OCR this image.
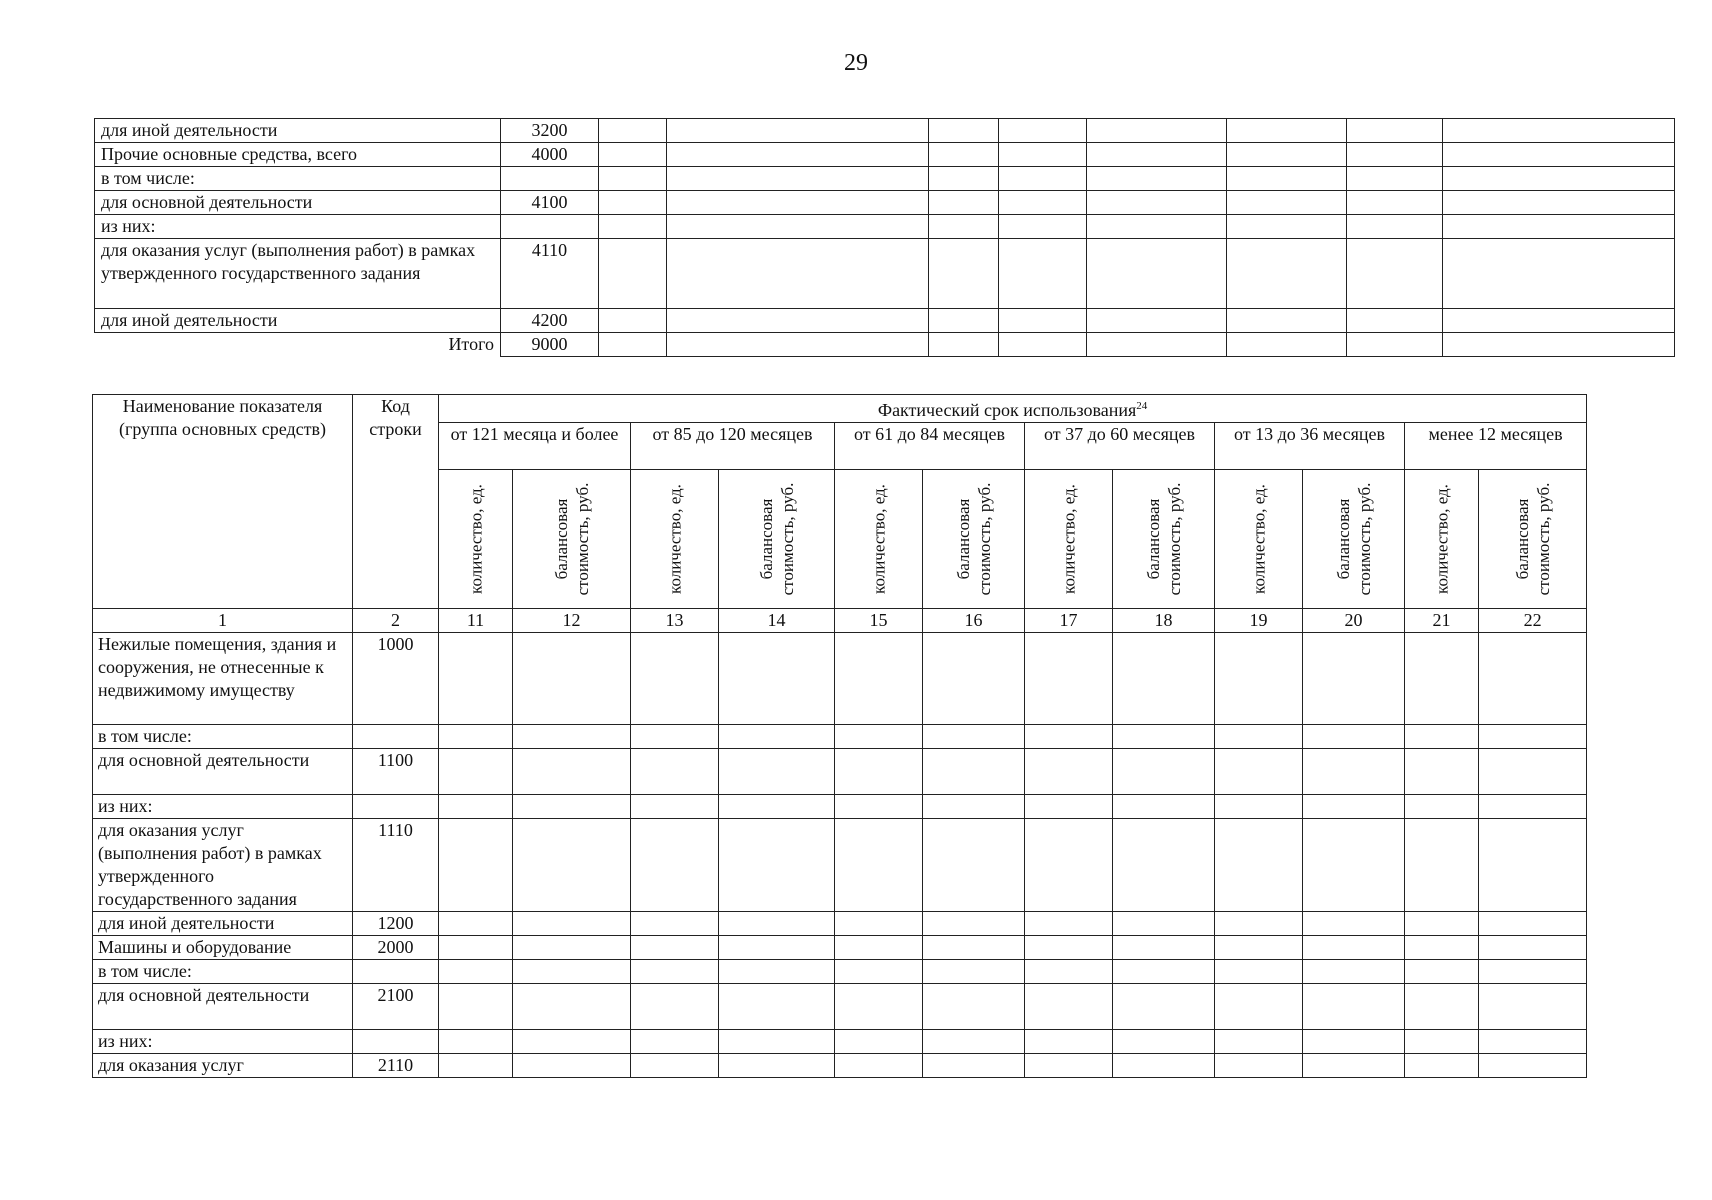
29
для иной деятельности	3200								
Прочие основные средства, всего	4000								
в том числе:									
для основной деятельности	4100								
из них:									
для оказания услуг (выполнения работ) в рамках утвержденного государственного задания	4110								
для иной деятельности	4200								
Итого	9000								
Наименование показателя (группа основных средств)	Код строки	Фактический срок использования$^{24}$
		от 121 месяца и более		от 85 до 120 месяцев		от 61 до 84 месяцев		от 37 до 60 месяцев		от 13 до 36 месяцев		менее 12 месяцев	

		количество, ед.	балансовая стоимость, руб.	количество, ед.	балансовая стоимость, руб.	количество, ед.	балансовая стоимость, руб.	количество, ед.	балансовая стоимость, руб.	количество, ед.	балансовая стоимость, руб.	количество, ед.	балансовая стоимость, руб.

1	2	11	12	13	14	15	16	17	18	19	20	21	22
Нежилые помещения, здания и сооружения, не отнесенные к недвижимому имуществу	1000												
в том числе:													
для основной деятельности	1100												
из них:													
для оказания услуг (выполнения работ) в рамках утвержденного государственного задания	1110												
для иной деятельности	1200												
Машины и оборудование	2000												
в том числе:													
для основной деятельности	2100												
из них:													
для оказания услуг	2110												
